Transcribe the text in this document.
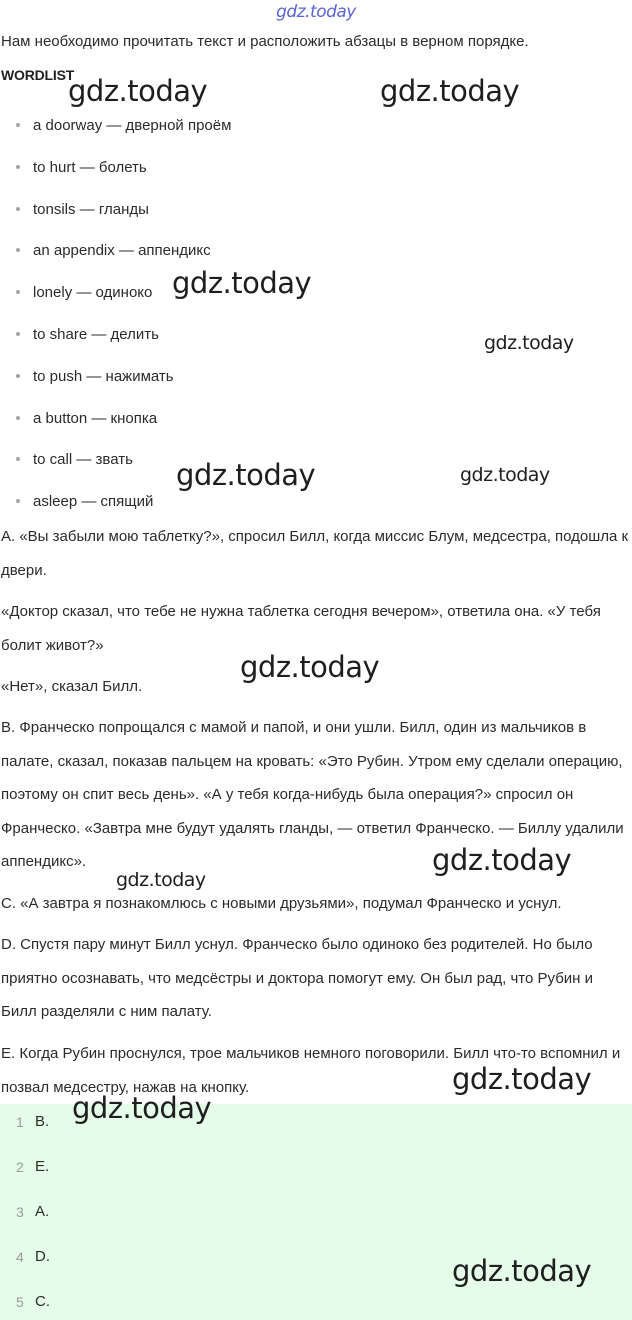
gdz.today
Нам необходимо прочитать текст и расположить абзацы в верном порядке.
WORDLIST
a doorway — дверной проём
to hurt — болеть
tonsils — гланды
an appendix — аппендикс
lonely — одиноко
to share — делить
to push — нажимать
a button — кнопка
to call — звать
asleep — спящий

A. «Вы забыли мою таблетку?», спросил Билл, когда миссис Блум, медсестра, подошла к двери.

«Доктор сказал, что тебе не нужна таблетка сегодня вечером», ответила она. «У тебя болит живот?»

«Нет», сказал Билл.

B. Франческо попрощался с мамой и папой, и они ушли. Билл, один из мальчиков в палате, сказал, показав пальцем на кровать: «Это Рубин. Утром ему сделали операцию, поэтому он спит весь день». «А у тебя когда-нибудь была операция?» спросил он Франческо. «Завтра мне будут удалять гланды, — ответил Франческо. — Биллу удалили аппендикс».

C. «А завтра я познакомлюсь с новыми друзьями», подумал Франческо и уснул.

D. Спустя пару минут Билл уснул. Франческо было одиноко без родителей. Но было приятно осознавать, что медсёстры и доктора помогут ему. Он был рад, что Рубин и Билл разделяли с ним палату.

E. Когда Рубин проснулся, трое мальчиков немного поговорили. Билл что-то вспомнил и позвал медсестру, нажав на кнопку.

1 B.
2 E.
3 A.
4 D.
5 C.
gdz.today	gdz.today
gdz.today
gdz.today
gdz.today	gdz.today
gdz.today
gdz.today
gdz.today
gdz.today
gdz.today
gdz.today
